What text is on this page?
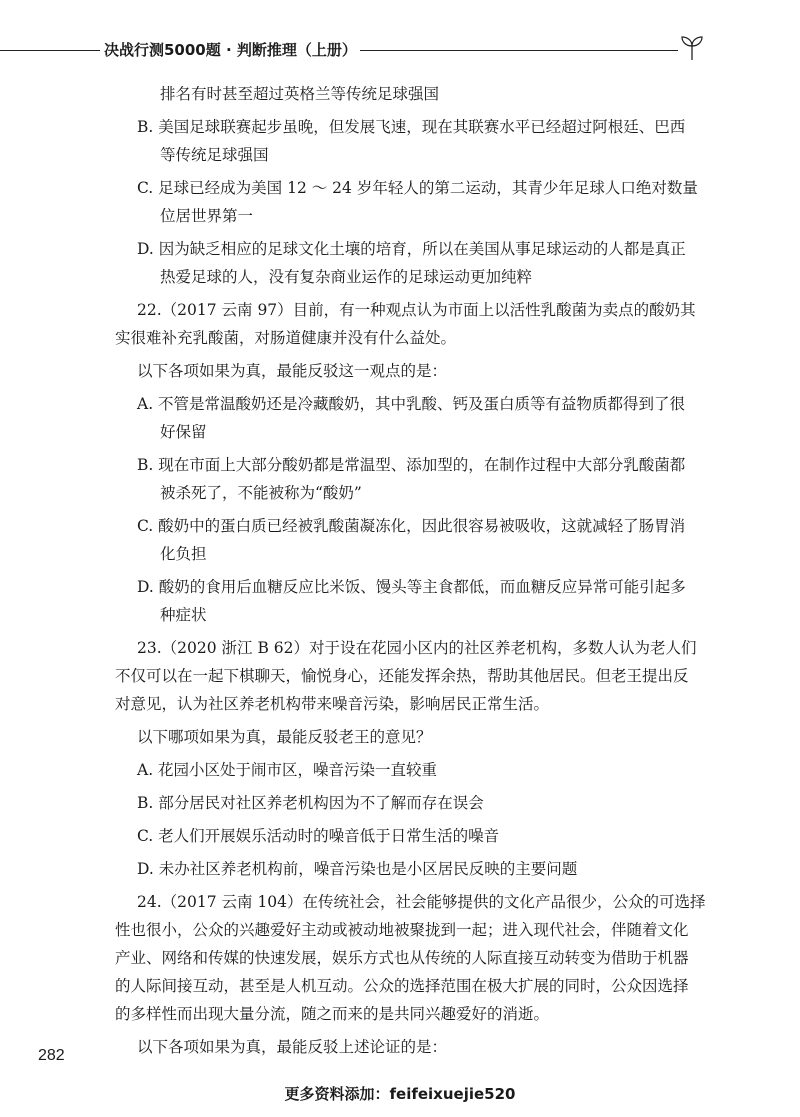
决战行测5000题 · 判断推理（上册）

排名有时甚至超过英格兰等传统足球强国

B. 美国足球联赛起步虽晚，但发展飞速，现在其联赛水平已经超过阿根廷、巴西

等传统足球强国

C. 足球已经成为美国 12 ～ 24 岁年轻人的第二运动，其青少年足球人口绝对数量

位居世界第一

D. 因为缺乏相应的足球文化土壤的培育，所以在美国从事足球运动的人都是真正

热爱足球的人，没有复杂商业运作的足球运动更加纯粹

22.（2017 云南 97）目前，有一种观点认为市面上以活性乳酸菌为卖点的酸奶其

实很难补充乳酸菌，对肠道健康并没有什么益处。

以下各项如果为真，最能反驳这一观点的是：

A. 不管是常温酸奶还是冷藏酸奶，其中乳酸、钙及蛋白质等有益物质都得到了很

好保留

B. 现在市面上大部分酸奶都是常温型、添加型的，在制作过程中大部分乳酸菌都

被杀死了，不能被称为“酸奶”

C. 酸奶中的蛋白质已经被乳酸菌凝冻化，因此很容易被吸收，这就减轻了肠胃消

化负担

D. 酸奶的食用后血糖反应比米饭、馒头等主食都低，而血糖反应异常可能引起多

种症状

23.（2020 浙江 B 62）对于设在花园小区内的社区养老机构，多数人认为老人们

不仅可以在一起下棋聊天，愉悦身心，还能发挥余热，帮助其他居民。但老王提出反

对意见，认为社区养老机构带来噪音污染，影响居民正常生活。

以下哪项如果为真，最能反驳老王的意见？

A. 花园小区处于闹市区，噪音污染一直较重

B. 部分居民对社区养老机构因为不了解而存在误会

C. 老人们开展娱乐活动时的噪音低于日常生活的噪音

D. 未办社区养老机构前，噪音污染也是小区居民反映的主要问题

24.（2017 云南 104）在传统社会，社会能够提供的文化产品很少，公众的可选择

性也很小，公众的兴趣爱好主动或被动地被聚拢到一起；进入现代社会，伴随着文化

产业、网络和传媒的快速发展，娱乐方式也从传统的人际直接互动转变为借助于机器

的人际间接互动，甚至是人机互动。公众的选择范围在极大扩展的同时，公众因选择

的多样性而出现大量分流，随之而来的是共同兴趣爱好的消逝。

以下各项如果为真，最能反驳上述论证的是：

282
更多资料添加：feifeixuejie520
